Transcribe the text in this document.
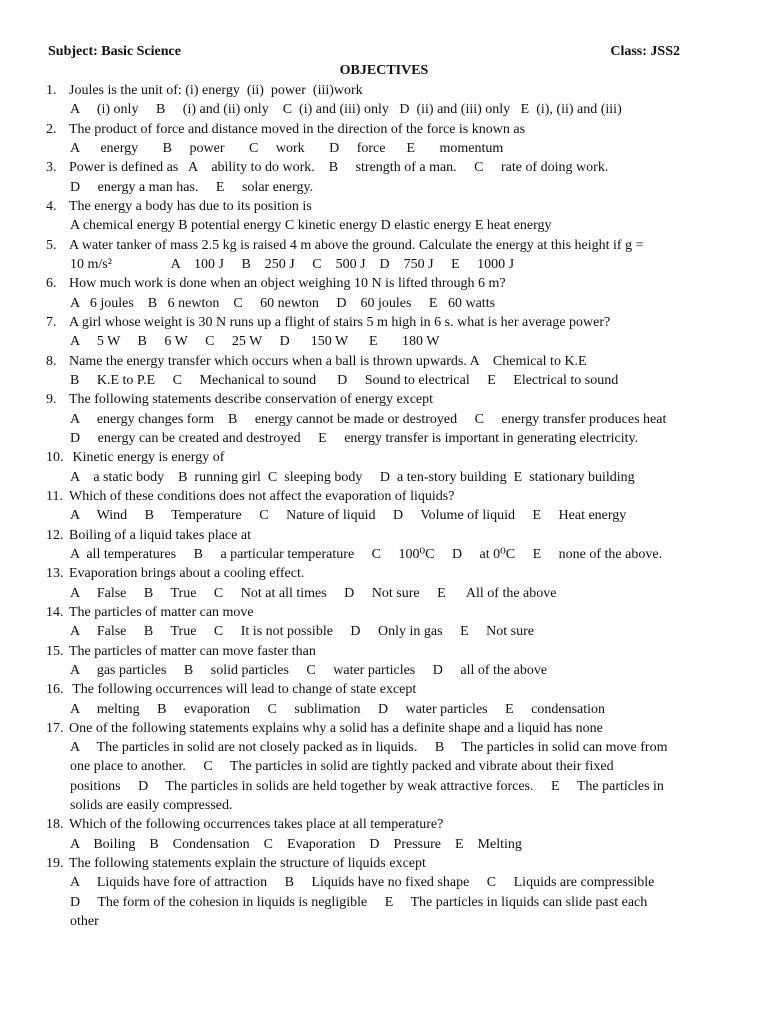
Subject: Basic Science	Class: JSS2
OBJECTIVES
1. Joules is the unit of: (i) energy  (ii)  power  (iii)work
A     (i) only     B     (i) and (ii) only    C  (i) and (iii) only   D  (ii) and (iii) only   E  (i), (ii) and (iii)
2. The product of force and distance moved in the direction of the force is known as
A      energy       B     power       C     work       D     force      E       momentum
3. Power is defined as   A    ability to do work.    B     strength of a man.     C     rate of doing work.
D     energy a man has.     E     solar energy.
4. The energy a body has due to its position is
A chemical energy B potential energy C kinetic energy D elastic energy E heat energy
5. A water tanker of mass 2.5 kg is raised 4 m above the ground. Calculate the energy at this height if g =
10 m/s²                 A    100 J     B    250 J     C    500 J    D    750 J     E     1000 J
6. How much work is done when an object weighing 10 N is lifted through 6 m?
A   6 joules    B   6 newton    C     60 newton     D    60 joules     E   60 watts
7. A girl whose weight is 30 N runs up a flight of stairs 5 m high in 6 s. what is her average power?
A     5 W     B     6 W     C     25 W     D      150 W      E       180 W
8. Name the energy transfer which occurs when a ball is thrown upwards. A    Chemical to K.E
B     K.E to P.E     C     Mechanical to sound      D     Sound to electrical     E     Electrical to sound
9. The following statements describe conservation of energy except
A     energy changes form    B     energy cannot be made or destroyed     C     energy transfer produces heat
D     energy can be created and destroyed     E     energy transfer is important in generating electricity.
10. Kinetic energy is energy of
A    a static body    B  running girl  C  sleeping body     D  a ten-story building  E  stationary building
11. Which of these conditions does not affect the evaporation of liquids?
A     Wind     B     Temperature     C     Nature of liquid     D     Volume of liquid     E     Heat energy
12. Boiling of a liquid takes place at
A  all temperatures     B     a particular temperature     C     100⁰C     D     at 0⁰C     E     none of the above.
13. Evaporation brings about a cooling effect.
A     False     B     True     C     Not at all times     D     Not sure     E      All of the above
14. The particles of matter can move
A     False     B     True     C     It is not possible     D     Only in gas     E     Not sure
15. The particles of matter can move faster than
A     gas particles     B     solid particles     C     water particles     D     all of the above
16. The following occurrences will lead to change of state except
A     melting     B     evaporation     C     sublimation     D     water particles     E     condensation
17. One of the following statements explains why a solid has a definite shape and a liquid has none
A     The particles in solid are not closely packed as in liquids.     B     The particles in solid can move from
one place to another.     C     The particles in solid are tightly packed and vibrate about their fixed
positions     D     The particles in solids are held together by weak attractive forces.     E     The particles in
solids are easily compressed.
18. Which of the following occurrences takes place at all temperature?
A    Boiling    B    Condensation    C    Evaporation    D    Pressure    E    Melting
19. The following statements explain the structure of liquids except
A     Liquids have fore of attraction     B     Liquids have no fixed shape     C     Liquids are compressible
D     The form of the cohesion in liquids is negligible     E     The particles in liquids can slide past each
other
